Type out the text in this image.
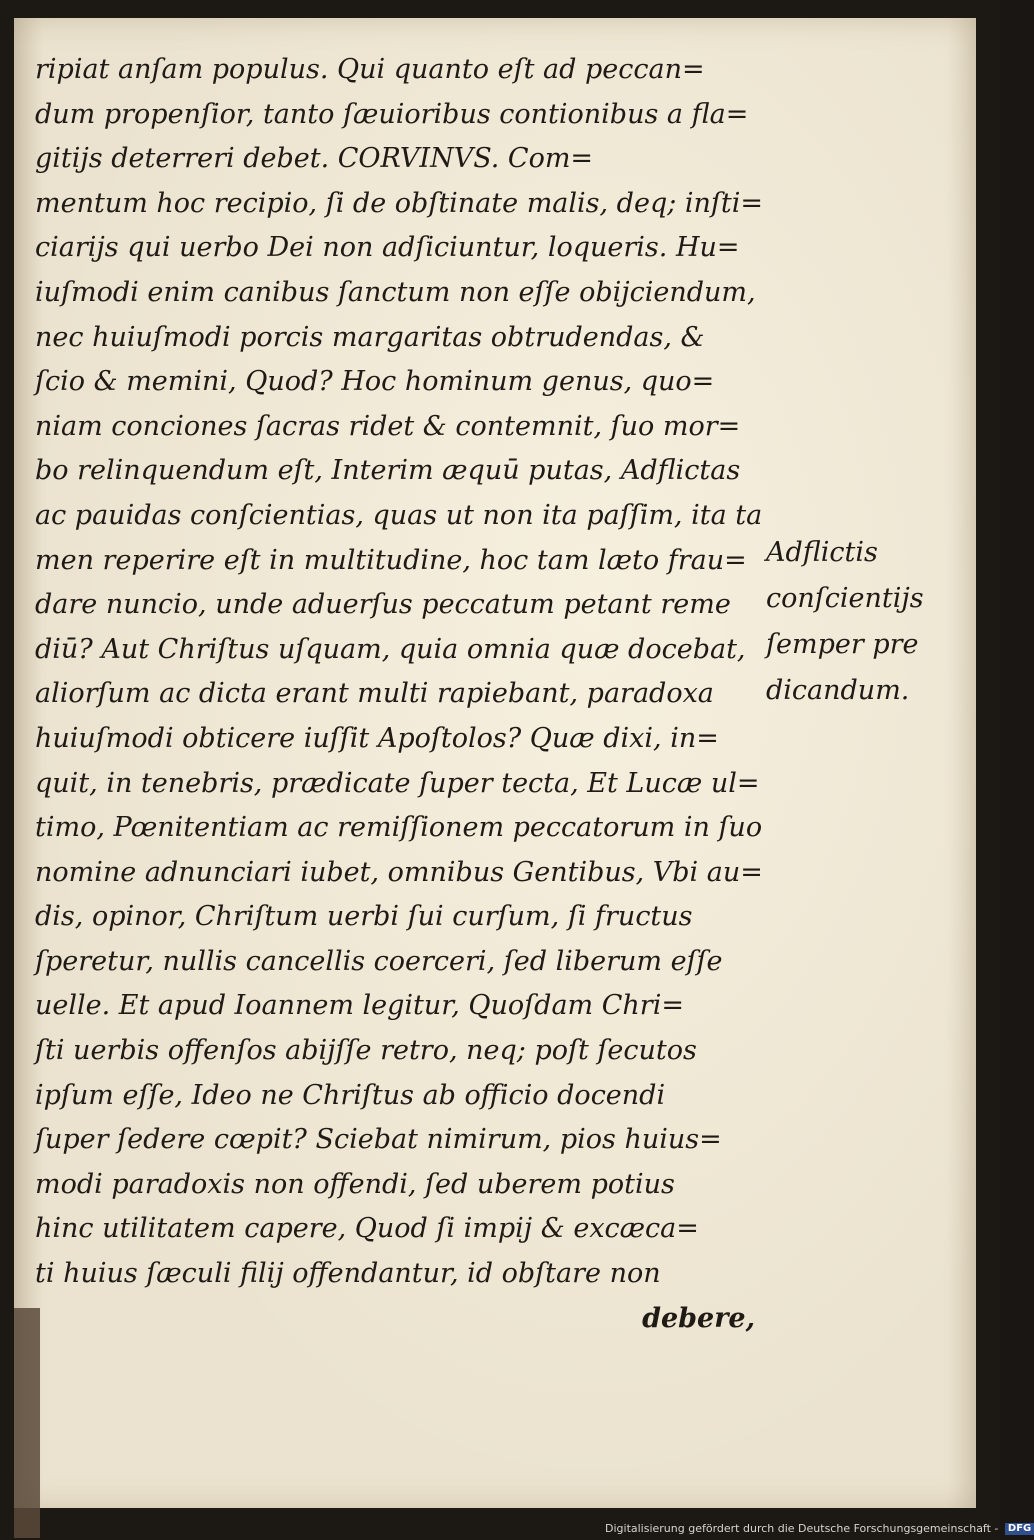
ripiat anſam populus. Qui quanto eſt ad peccan=
dum propenſior, tanto ſæuioribus contionibus a fla=
gitijs deterreri debet. CORVINVS. Com=
mentum hoc recipio, ſi de obſtinate malis, deq; inſti=
ciarijs qui uerbo Dei non adſiciuntur, loqueris. Hu=
iuſmodi enim canibus ſanctum non eſſe obijciendum,
nec huiuſmodi porcis margaritas obtrudendas, &
ſcio & memini, Quod? Hoc hominum genus, quo=
niam conciones ſacras ridet & contemnit, ſuo mor=
bo relinquendum eſt, Interim æquū putas, Adflictas
ac pauidas conſcientias, quas ut non ita paſſim, ita ta
men reperire eſt in multitudine, hoc tam læto frau=
dare nuncio, unde aduerſus peccatum petant reme
diū? Aut Chriſtus uſquam, quia omnia quæ docebat,
aliorſum ac dicta erant multi rapiebant, paradoxa
huiuſmodi obticere iuſſit Apoſtolos? Quæ dixi, in=
quit, in tenebris, prædicate ſuper tecta, Et Lucæ ul=
timo, Pœnitentiam ac remiſſionem peccatorum in ſuo
nomine adnunciari iubet, omnibus Gentibus, Vbi au=
dis, opinor, Chriſtum uerbi ſui curſum, ſi fructus
ſperetur, nullis cancellis coerceri, ſed liberum eſſe
uelle. Et apud Ioannem legitur, Quoſdam Chri=
ſti uerbis offenſos abijſſe retro, neq; poſt ſecutos
ipſum eſſe, Ideo ne Chriſtus ab officio docendi
ſuper ſedere cœpit? Sciebat nimirum, pios huius=
modi paradoxis non offendi, ſed uberem potius
hinc utilitatem capere, Quod ſi impij & excæca=
ti huius ſæculi filij offendantur, id obſtare non
debere,
Adflictis
conſcientijs
ſemper pre
dicandum.
Digitalisierung gefördert durch die Deutsche Forschungsgemeinschaft - DFG
